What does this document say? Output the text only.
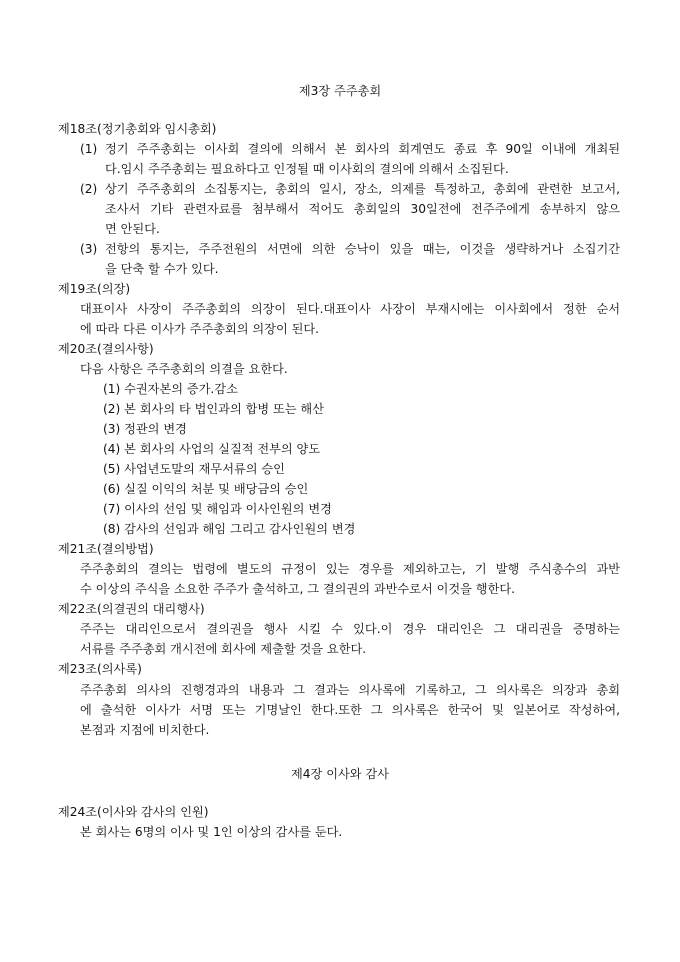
제3장 주주총회
제18조(정기총회와 임시총회)
(1) 정기 주주총회는 이사회 결의에 의해서 본 회사의 회계연도 종료 후 90일 이내에 개최된
다.임시 주주총회는 필요하다고 인정될 때 이사회의 결의에 의해서 소집된다.
(2) 상기 주주총회의 소집통지는, 총회의 일시, 장소, 의제를 특정하고, 총회에 관련한 보고서,
조사서 기타 관련자료를 첨부해서 적어도 총회일의 30일전에 전주주에게 송부하지 않으
면 안된다.
(3) 전항의 통지는, 주주전원의 서면에 의한 승낙이 있을 때는, 이것을 생략하거나 소집기간
을 단축 할 수가 있다.
제19조(의장)
대표이사 사장이 주주총회의 의장이 된다.대표이사 사장이 부재시에는 이사회에서 정한 순서
에 따라 다른 이사가 주주총회의 의장이 된다.
제20조(결의사항)
다음 사항은 주주총회의 의결을 요한다.
(1) 수권자본의 증가.감소
(2) 본 회사의 타 법인과의 합병 또는 해산
(3) 정관의 변경
(4) 본 회사의 사업의 실질적 전부의 양도
(5) 사업년도말의 재무서류의 승인
(6) 실질 이익의 처분 및 배당금의 승인
(7) 이사의 선임 및 해임과 이사인원의 변경
(8) 감사의 선임과 해임 그리고 감사인원의 변경
제21조(결의방법)
주주총회의 결의는 법령에 별도의 규정이 있는 경우를 제외하고는, 기 발행 주식총수의 과반
수 이상의 주식을 소요한 주주가 출석하고, 그 결의권의 과반수로서 이것을 행한다.
제22조(의결권의 대리행사)
주주는 대리인으로서 결의권을 행사 시킬 수 있다.이 경우 대리인은 그 대리권을 증명하는
서류를 주주총회 개시전에 회사에 제출할 것을 요한다.
제23조(의사록)
주주총회 의사의 진행경과의 내용과 그 결과는 의사록에 기록하고, 그 의사록은 의장과 총회
에 출석한 이사가 서명 또는 기명날인 한다.또한 그 의사록은 한국어 및 일본어로 작성하여,
본점과 지점에 비치한다.
제4장 이사와 감사
제24조(이사와 감사의 인원)
본 회사는 6명의 이사 및 1인 이상의 감사를 둔다.
